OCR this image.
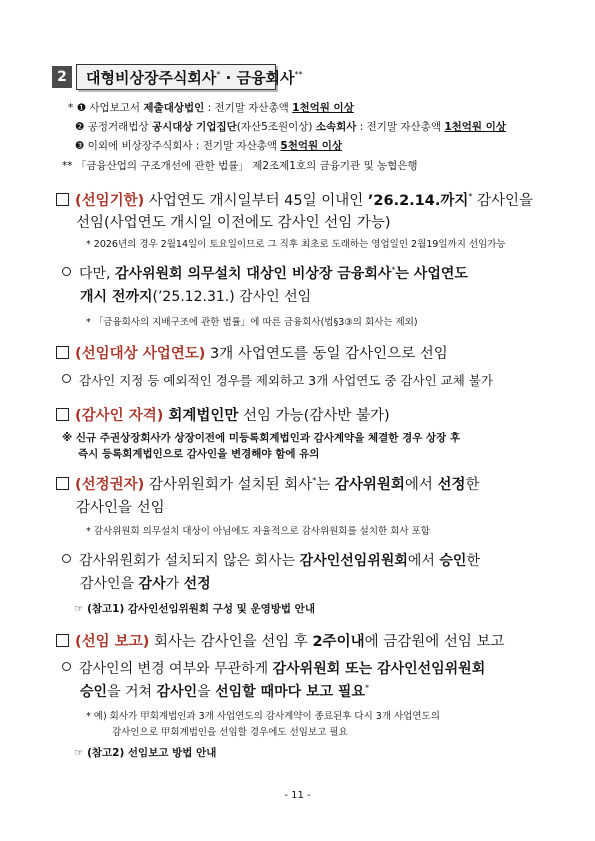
2	대형비상장주식회사* · 금융회사**
* ❶ 사업보고서 제출대상법인 : 전기말 자산총액 1천억원 이상
❷ 공정거래법상 공시대상 기업집단(자산5조원이상) 소속회사 : 전기말 자산총액 1천억원 이상
❸ 이외에 비상장주식회사 : 전기말 자산총액 5천억원 이상
** 「금융산업의 구조개선에 관한 법률」 제2조제1호의 금융기관 및 농협은행
(선임기한) 사업연도 개시일부터 45일 이내인 ’26.2.14.까지* 감사인을
선임(사업연도 개시일 이전에도 감사인 선임 가능)
* 2026년의 경우 2월14일이 토요일이므로 그 직후 최초로 도래하는 영업일인 2월19일까지 선임가능
다만, 감사위원회 의무설치 대상인 비상장 금융회사*는 사업연도
개시 전까지(’25.12.31.) 감사인 선임
* 「금융회사의 지배구조에 관한 법률」에 따른 금융회사(법§3③의 회사는 제외)
(선임대상 사업연도) 3개 사업연도를 동일 감사인으로 선임
감사인 지정 등 예외적인 경우를 제외하고 3개 사업연도 중 감사인 교체 불가
(감사인 자격) 회계법인만 선임 가능(감사반 불가)
※ 신규 주권상장회사가 상장이전에 미등록회계법인과 감사계약을 체결한 경우 상장 후
즉시 등록회계법인으로 감사인을 변경해야 함에 유의
(선정권자) 감사위원회가 설치된 회사*는 감사위원회에서 선정한
감사인을 선임
* 감사위원회 의무설치 대상이 아님에도 자율적으로 감사위원회를 설치한 회사 포함
감사위원회가 설치되지 않은 회사는 감사인선임위원회에서 승인한
감사인을 감사가 선정
☞ (참고1) 감사인선임위원회 구성 및 운영방법 안내
(선임 보고) 회사는 감사인을 선임 후 2주이내에 금감원에 선임 보고
감사인의 변경 여부와 무관하게 감사위원회 또는 감사인선임위원회
승인을 거쳐 감사인을 선임할 때마다 보고 필요*
* 예) 회사가 甲회계법인과 3개 사업연도의 감사계약이 종료된후 다시 3개 사업연도의
감사인으로 甲회계법인을 선임할 경우에도 선임보고 필요
☞ (참고2) 선임보고 방법 안내
- 11 -
